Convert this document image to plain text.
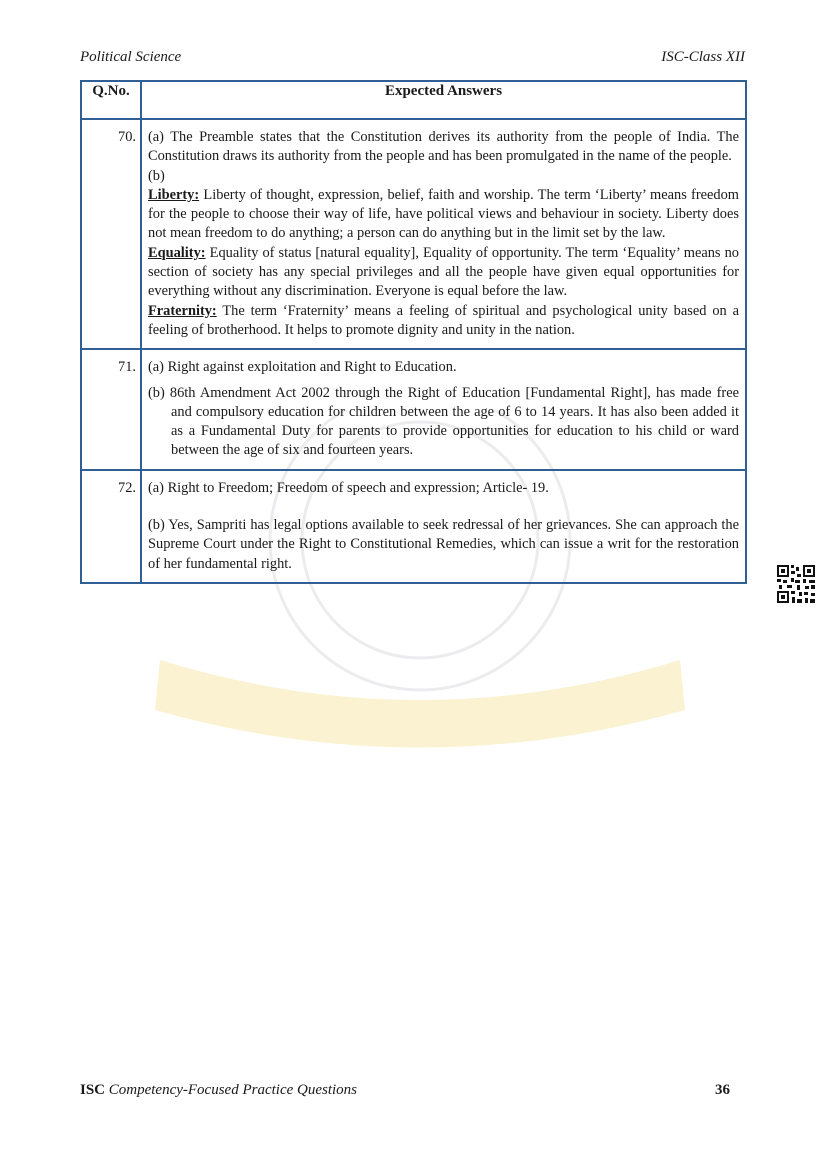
Political Science	ISC-Class XII
Q.No.	Expected Answers
70.	(a) The Preamble states that the Constitution derives its authority from the people of India. The Constitution draws its authority from the people and has been promulgated in the name of the people.

(b)

Liberty: Liberty of thought, expression, belief, faith and worship. The term ‘Liberty’ means freedom for the people to choose their way of life, have political views and behaviour in society. Liberty does not mean freedom to do anything; a person can do anything but in the limit set by the law.

Equality: Equality of status [natural equality], Equality of opportunity. The term ‘Equality’ means no section of society has any special privileges and all the people have given equal opportunities for everything without any discrimination. Everyone is equal before the law.

Fraternity: The term ‘Fraternity’ means a feeling of spiritual and psychological unity based on a feeling of brotherhood. It helps to promote dignity and unity in the nation.

71.	(a) Right against exploitation and Right to Education.

(b) 86th Amendment Act 2002 through the Right of Education [Fundamental Right], has made free and compulsory education for children between the age of 6 to 14 years. It has also been added it as a Fundamental Duty for parents to provide opportunities for education to his child or ward between the age of six and fourteen years.

72.	(a) Right to Freedom; Freedom of speech and expression; Article- 19.

(b) Yes, Sampriti has legal options available to seek redressal of her grievances. She can approach the Supreme Court under the Right to Constitutional Remedies, which can issue a writ for the restoration of her fundamental right.

ISC Competency-Focused Practice Questions	36
